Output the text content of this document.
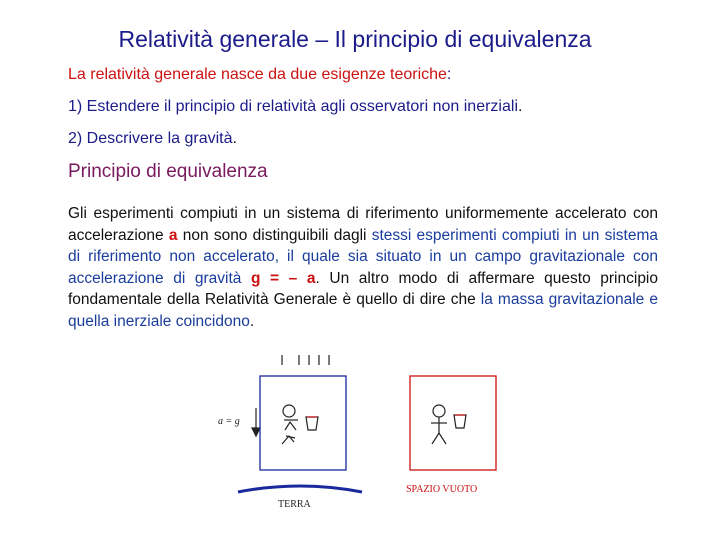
Relatività generale – Il principio di equivalenza
La relatività generale nasce da due esigenze teoriche:
1) Estendere il principio di relatività agli osservatori non inerziali.
2) Descrivere la gravità.
Principio di equivalenza
Gli esperimenti compiuti in un sistema di riferimento uniformemente accelerato con accelerazione a non sono distinguibili dagli stessi esperimenti compiuti in un sistema di riferimento non accelerato, il quale sia situato in un campo gravitazionale con accelerazione di gravità g = – a. Un altro modo di affermare questo principio fondamentale della Relatività Generale è quello di dire che la massa gravitazionale e quella inerziale coincidono.
a = g
TERRA
SPAZIO VUOTO
